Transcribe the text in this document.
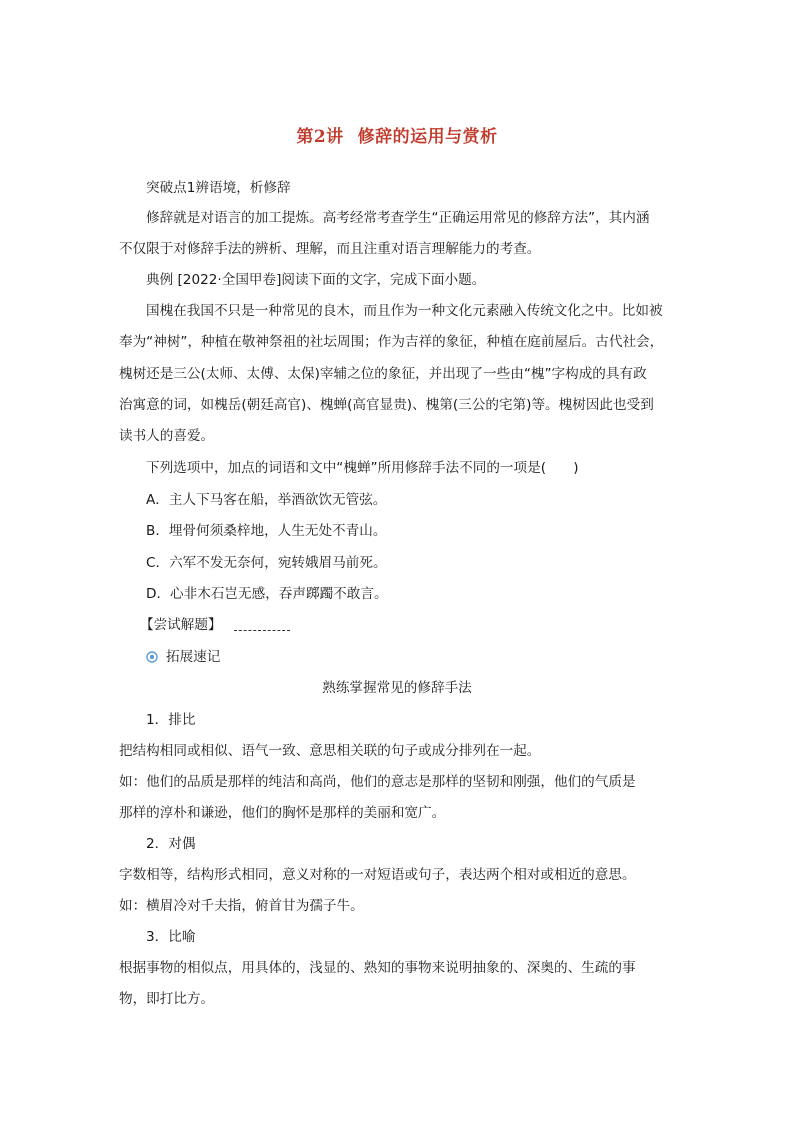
第2讲 修辞的运用与赏析
突破点1辨语境，析修辞
修辞就是对语言的加工提炼。高考经常考查学生“正确运用常见的修辞方法”，其内涵
不仅限于对修辞手法的辨析、理解，而且注重对语言理解能力的考查。
典例 [2022·全国甲卷]阅读下面的文字，完成下面小题。
国槐在我国不只是一种常见的良木，而且作为一种文化元素融入传统文化之中。比如被
奉为“神树”，种植在敬神祭祖的社坛周围；作为吉祥的象征，种植在庭前屋后。古代社会，
槐树还是三公(太师、太傅、太保)宰辅之位的象征，并出现了一些由“槐”字构成的具有政
治寓意的词，如槐岳(朝廷高官)、槐蝉(高官显贵)、槐第(三公的宅第)等。槐树因此也受到
读书人的喜爱。
下列选项中，加点的词语和文中“槐蝉”所用修辞手法不同的一项是(　　)
A．主人下马客在船，举酒欲饮无管弦。
B．埋骨何须桑梓地，人生无处不青山。
C．六军不发无奈何，宛转娥眉马前死。
D．心非木石岂无感，吞声踯躅不敢言。
【尝试解题】
拓展速记
熟练掌握常见的修辞手法
1．排比
把结构相同或相似、语气一致、意思相关联的句子或成分排列在一起。
如：他们的品质是那样的纯洁和高尚，他们的意志是那样的坚韧和刚强，他们的气质是
那样的淳朴和谦逊，他们的胸怀是那样的美丽和宽广。
2．对偶
字数相等，结构形式相同，意义对称的一对短语或句子，表达两个相对或相近的意思。
如：横眉冷对千夫指，俯首甘为孺子牛。
3．比喻
根据事物的相似点，用具体的，浅显的、熟知的事物来说明抽象的、深奥的、生疏的事
物，即打比方。
